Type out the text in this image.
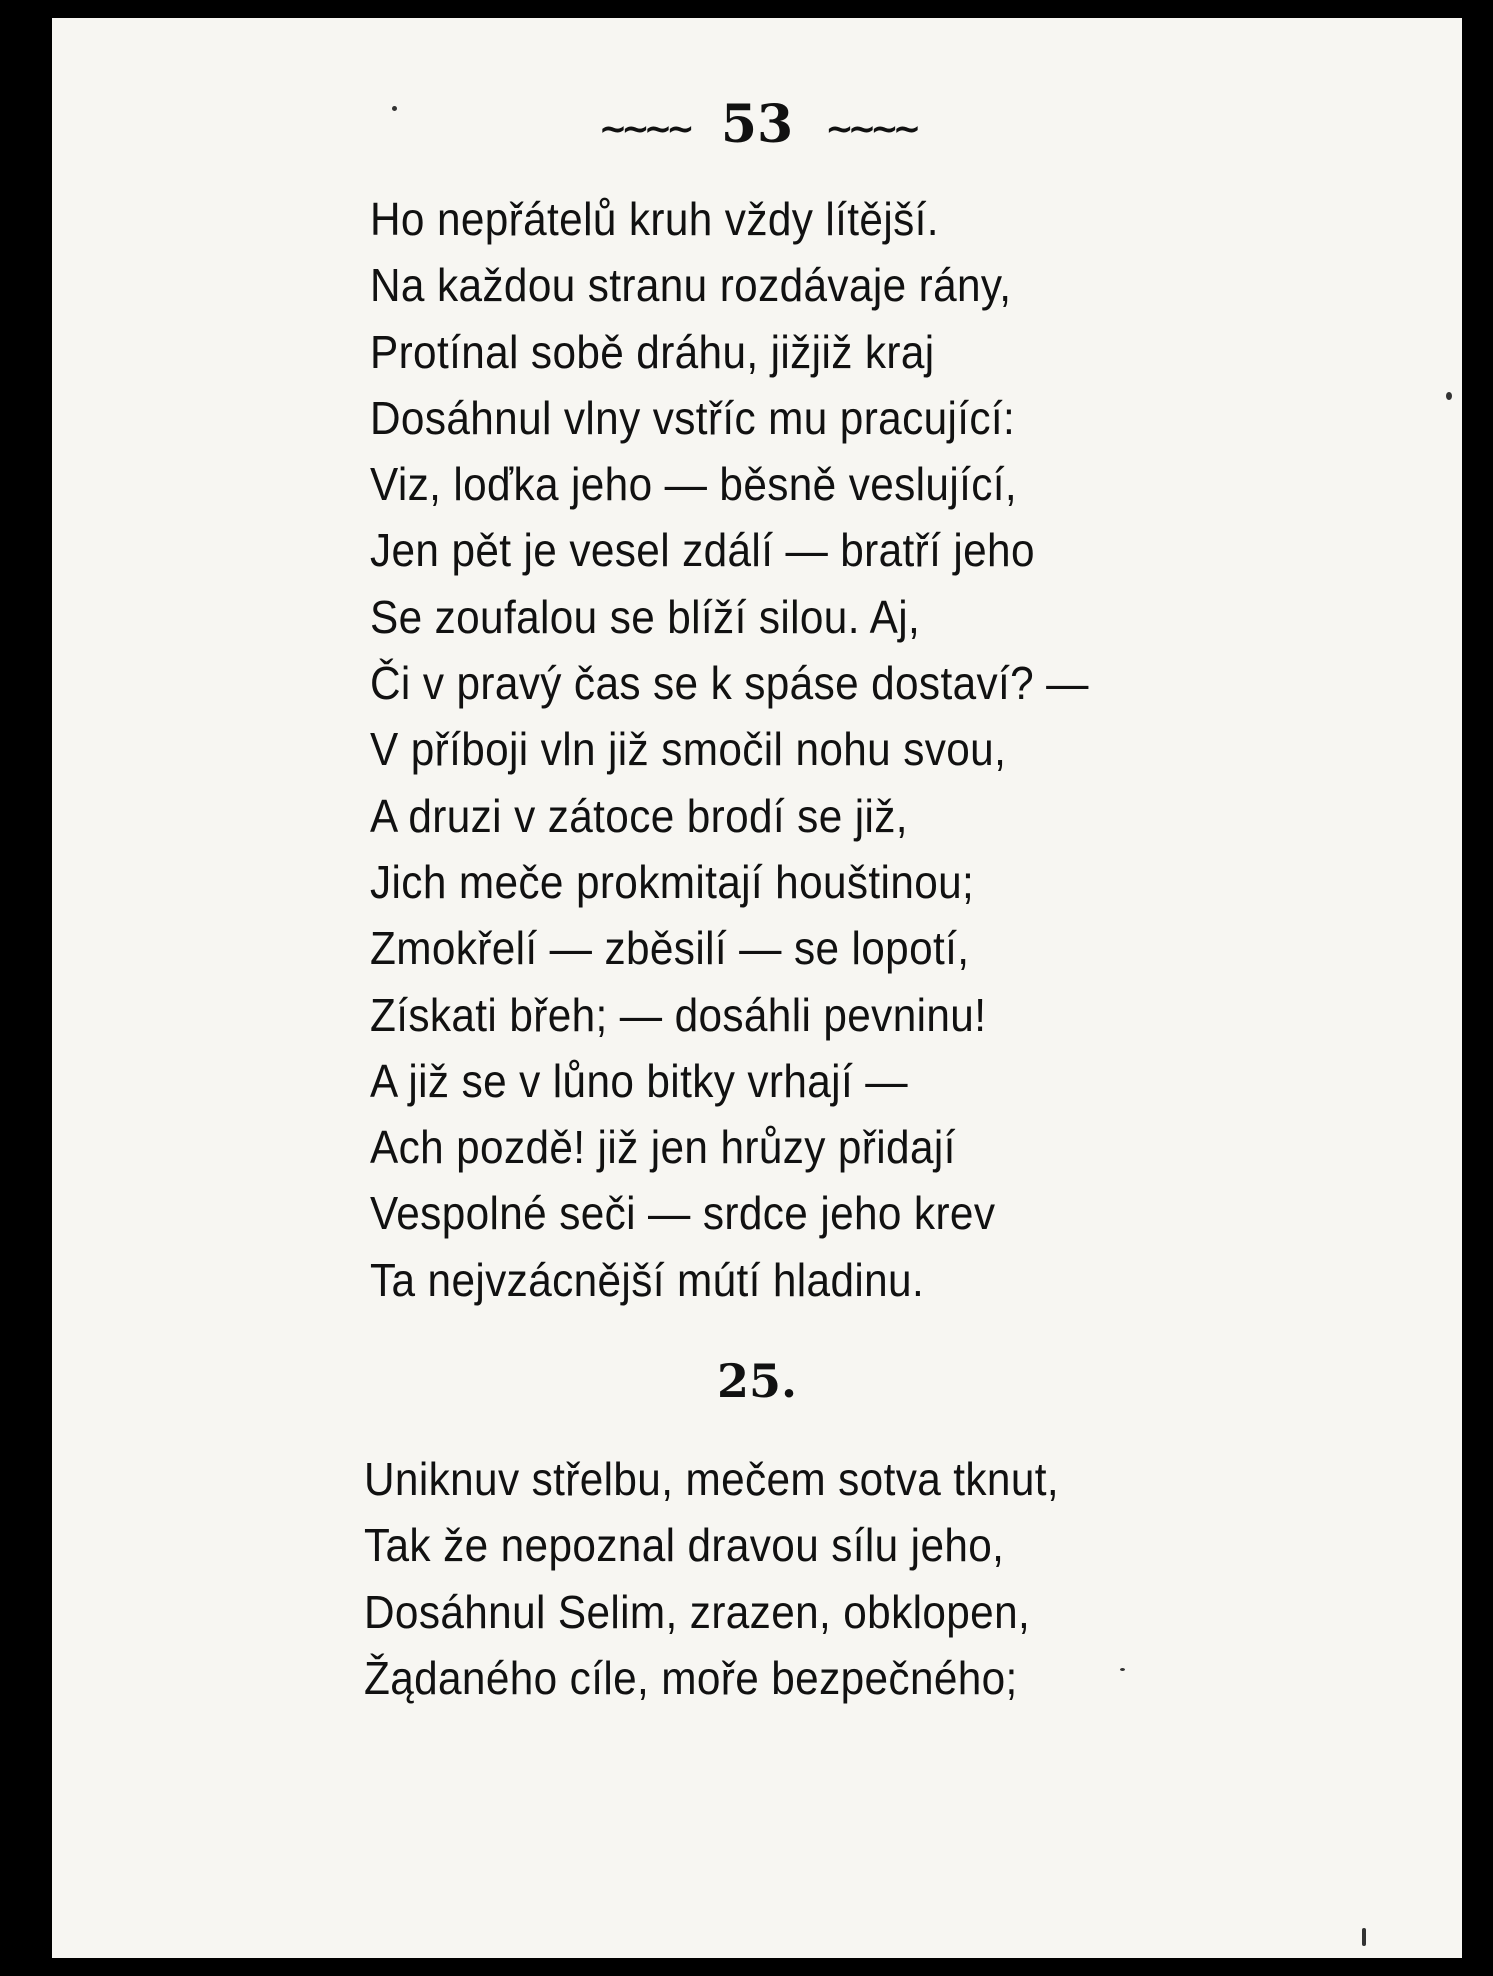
~~~~ 53 ~~~~
Ho nepřátelů kruh vždy lítější.
Na každou stranu rozdávaje rány,
Protínal sobě dráhu, jižjiž kraj
Dosáhnul vlny vstříc mu pracující:
Viz, loďka jeho — běsně veslující,
Jen pět je vesel zdálí — bratří jeho
Se zoufalou se blíží silou. Aj,
Či v pravý čas se k spáse dostaví? —
V příboji vln již smočil nohu svou,
A druzi v zátoce brodí se již,
Jich meče prokmitají houštinou;
Zmokřelí — zběsilí — se lopotí,
Získati břeh; — dosáhli pevninu!
A již se v lůno bitky vrhají —
Ach pozdě! již jen hrůzy přidají
Vespolné seči — srdce jeho krev
Ta nejvzácnější mútí hladinu.
25.
Uniknuv střelbu, mečem sotva tknut,
Tak že nepoznal dravou sílu jeho,
Dosáhnul Selim, zrazen, obklopen,
Žądaného cíle, moře bezpečného;
